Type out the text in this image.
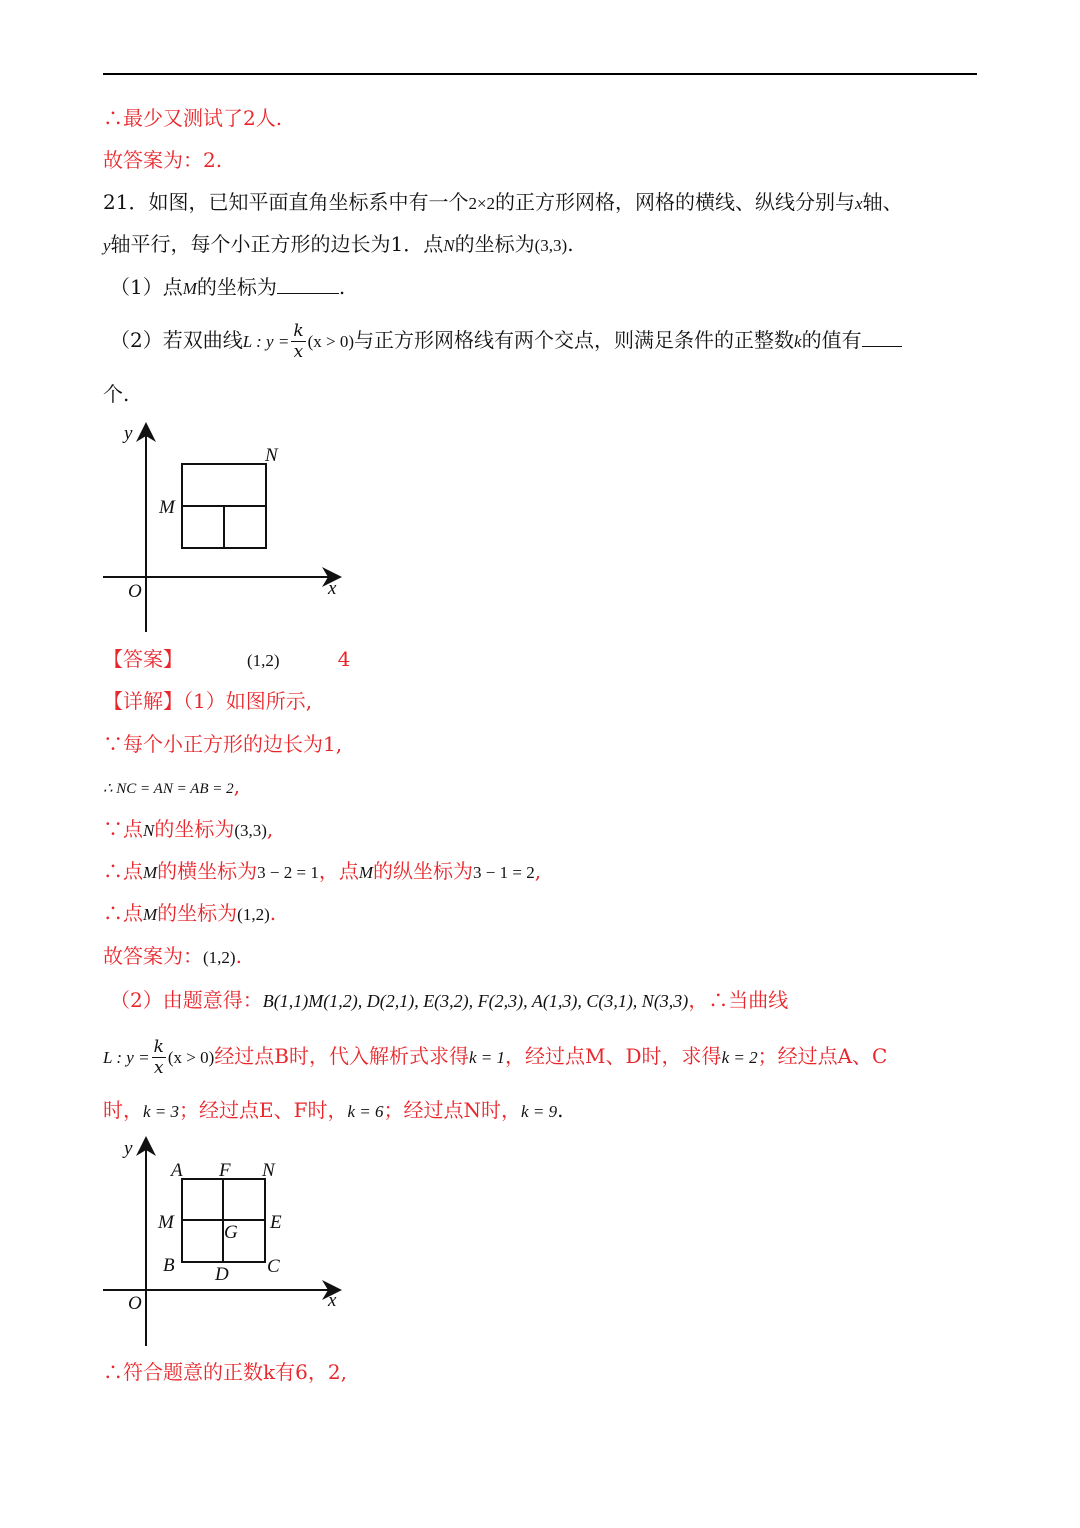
∴最少又测试了2人.
故答案为：2.
21．如图，已知平面直角坐标系中有一个2×2的正方形网格，网格的横线、纵线分别与x轴、
y轴平行，每个小正方形的边长为1．点N的坐标为(3,3).
（1）点M的坐标为	.
（2）若双曲线L : $y = \frac{k}{x} (x > 0)$与正方形网格线有两个交点，则满足条件的正整数k的值有
个.
y
x
O
N
M
【答案】	(1,2)	4
【详解】（1）如图所示,
∵每个小正方形的边长为1,
∴ NC = AN = AB = 2,
∵点N的坐标为(3,3),
∴点M的横坐标为3 − 2 = 1，点M的纵坐标为3 − 1 = 2,
∴点M的坐标为(1,2).
故答案为：(1,2).
（2）由题意得：B(1,1)M(1,2), D(2,1), E(3,2), F(2,3), A(1,3), C(3,1), N(3,3)，∴当曲线
L : $y = \frac{k}{x} (x > 0)$经过点B时，代入解析式求得k = 1，经过点M、D时，求得k = 2；经过点A、C
时，k = 3；经过点E、F时，k = 6；经过点N时，k = 9.
y
x
O
A F N
M	G E
B D C
∴符合题意的正数k有6，2,
